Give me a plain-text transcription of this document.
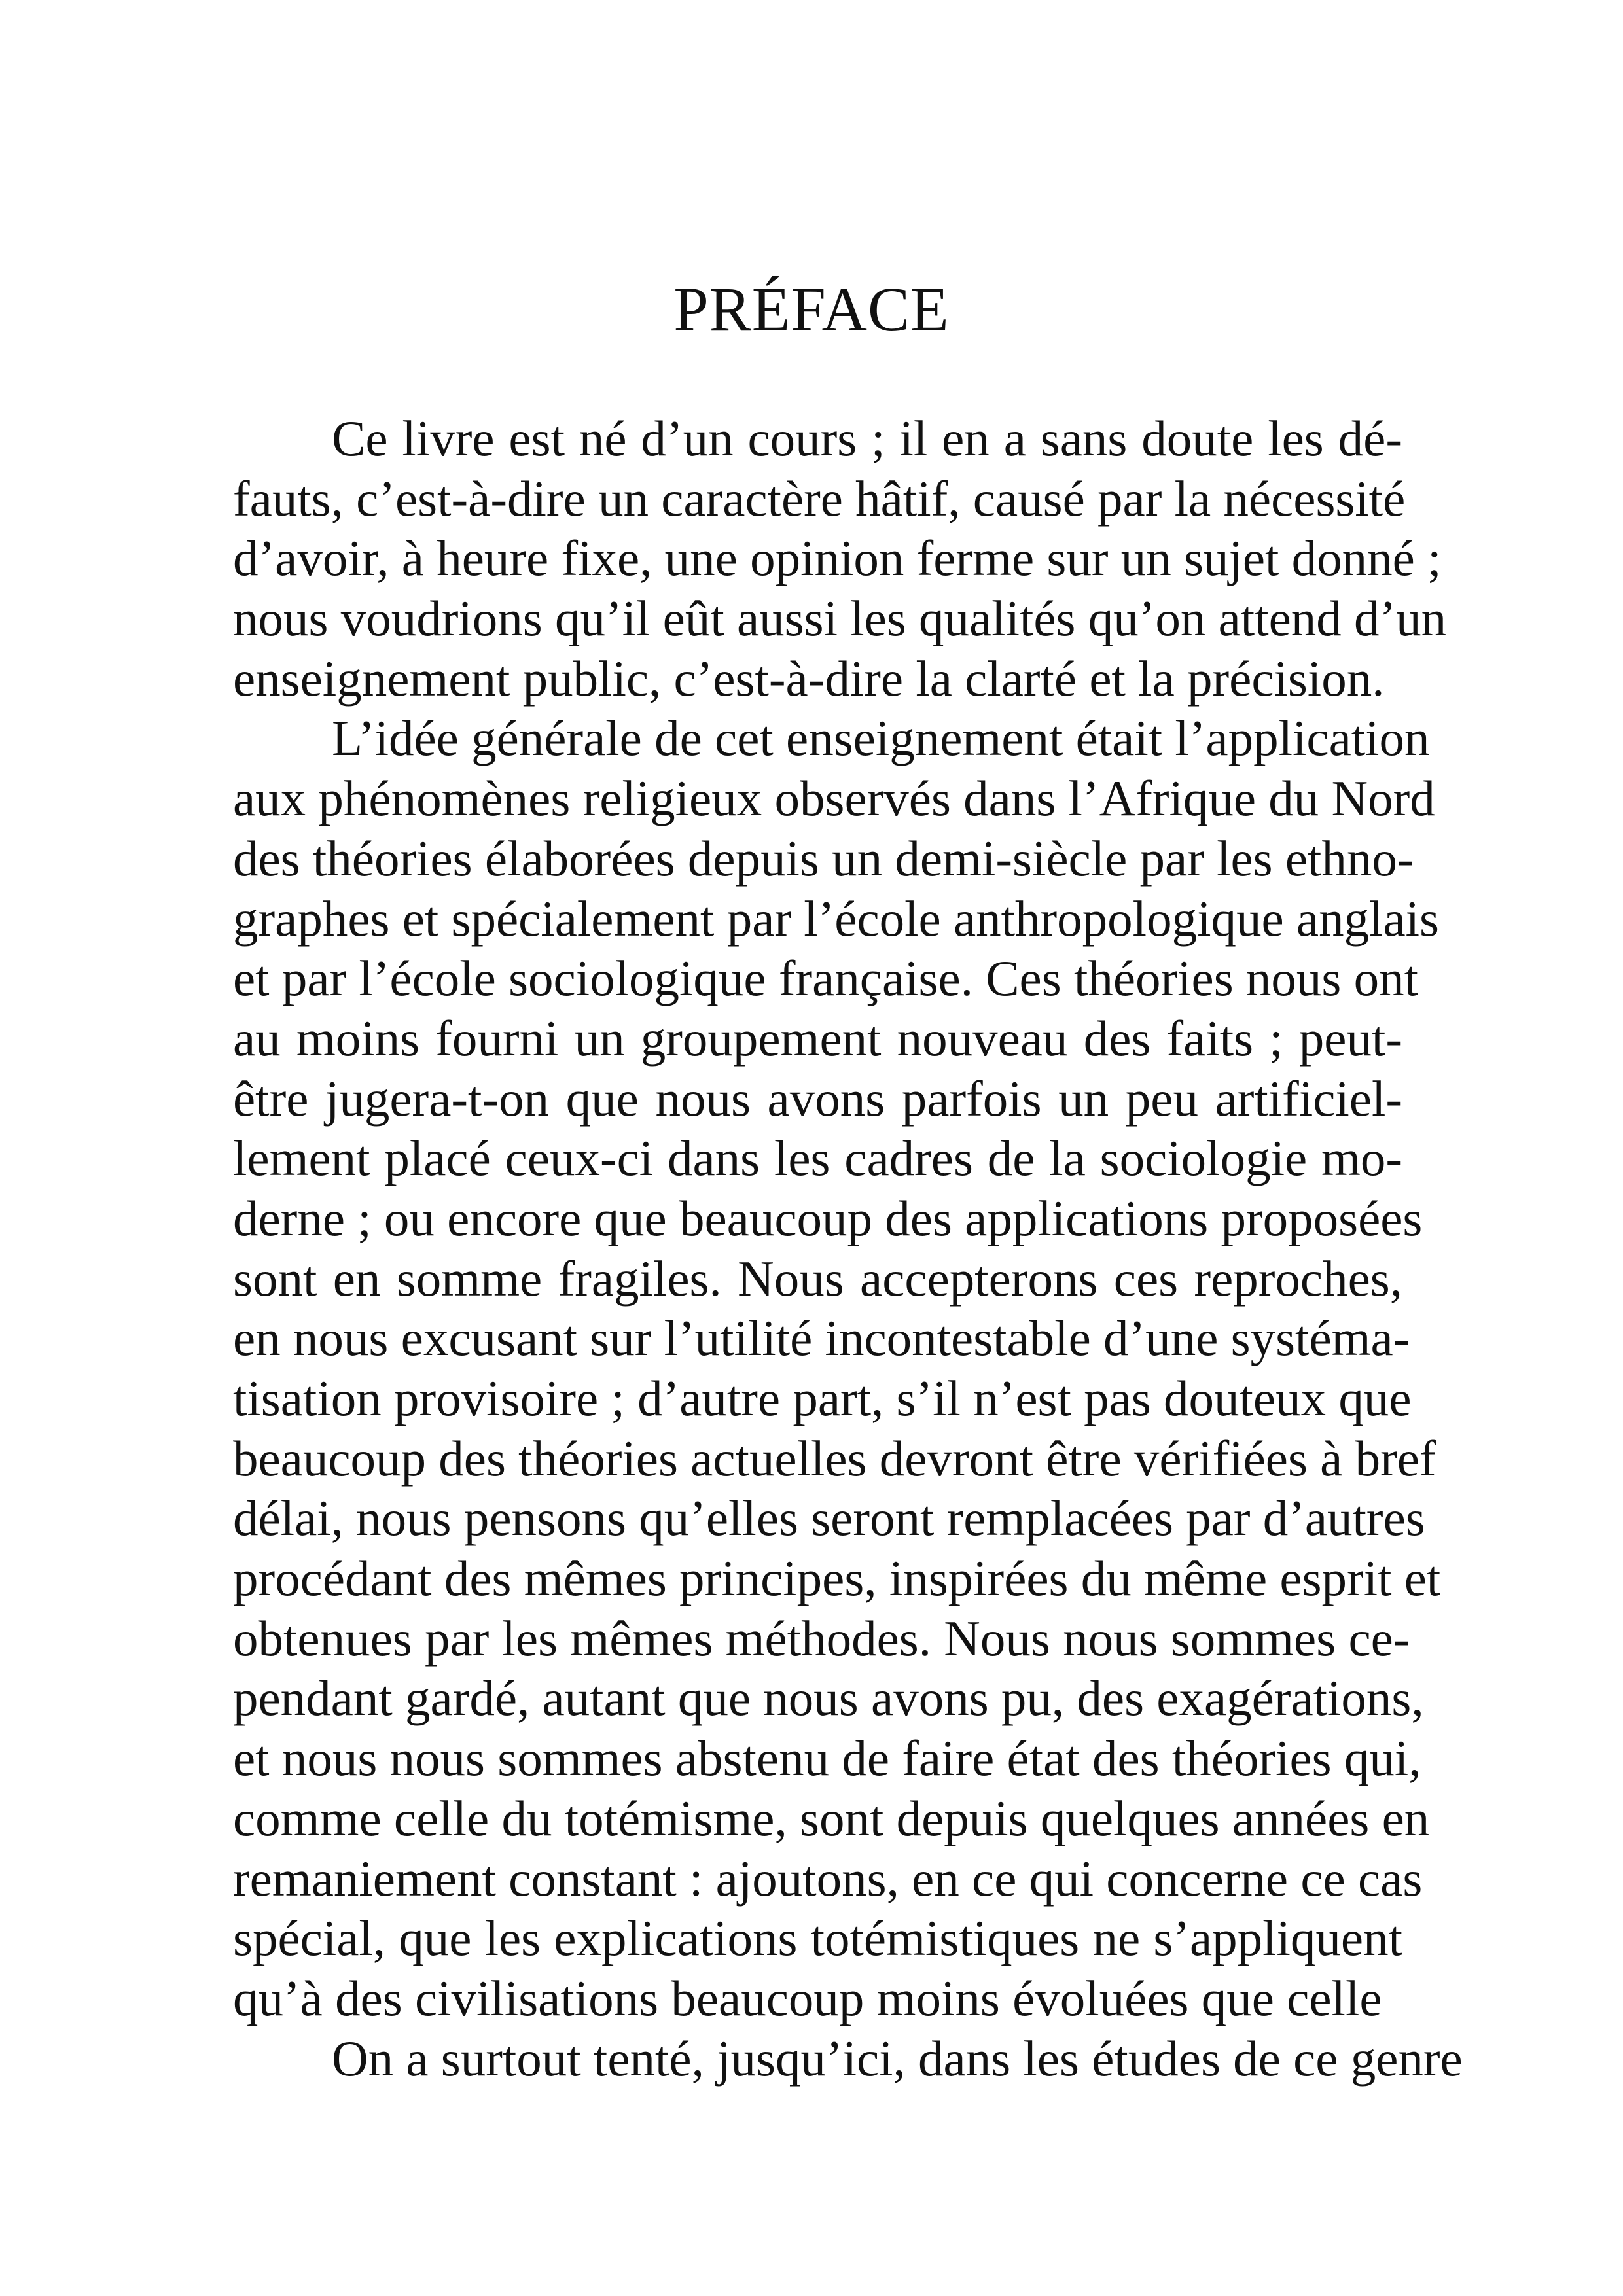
PRÉFACE
Ce livre est né d’un cours ; il en a sans doute les dé-
fauts, c’est-à-dire un caractère hâtif, causé par la nécessité
d’avoir, à heure fixe, une opinion ferme sur un sujet donné ;
nous voudrions qu’il eût aussi les qualités qu’on attend d’un
enseignement public, c’est-à-dire la clarté et la précision.
L’idée générale de cet enseignement était l’application
aux phénomènes religieux observés dans l’Afrique du Nord
des théories élaborées depuis un demi-siècle par les ethno-
graphes et spécialement par l’école anthropologique anglais
et par l’école sociologique française. Ces théories nous ont
au moins fourni un groupement nouveau des faits ; peut-
être jugera-t-on que nous avons parfois un peu artificiel-
lement placé ceux-ci dans les cadres de la sociologie mo-
derne ; ou encore que beaucoup des applications proposées
sont en somme fragiles. Nous accepterons ces reproches,
en nous excusant sur l’utilité incontestable d’une systéma-
tisation provisoire ; d’autre part, s’il n’est pas douteux que
beaucoup des théories actuelles devront être vérifiées à bref
délai, nous pensons qu’elles seront remplacées par d’autres
procédant des mêmes principes, inspirées du même esprit et
obtenues par les mêmes méthodes. Nous nous sommes ce-
pendant gardé, autant que nous avons pu, des exagérations,
et nous nous sommes abstenu de faire état des théories qui,
comme celle du totémisme, sont depuis quelques années en
remaniement constant : ajoutons, en ce qui concerne ce cas
spécial, que les explications totémistiques ne s’appliquent
qu’à des civilisations beaucoup moins évoluées que celle
On a surtout tenté, jusqu’ici, dans les études de ce genre
